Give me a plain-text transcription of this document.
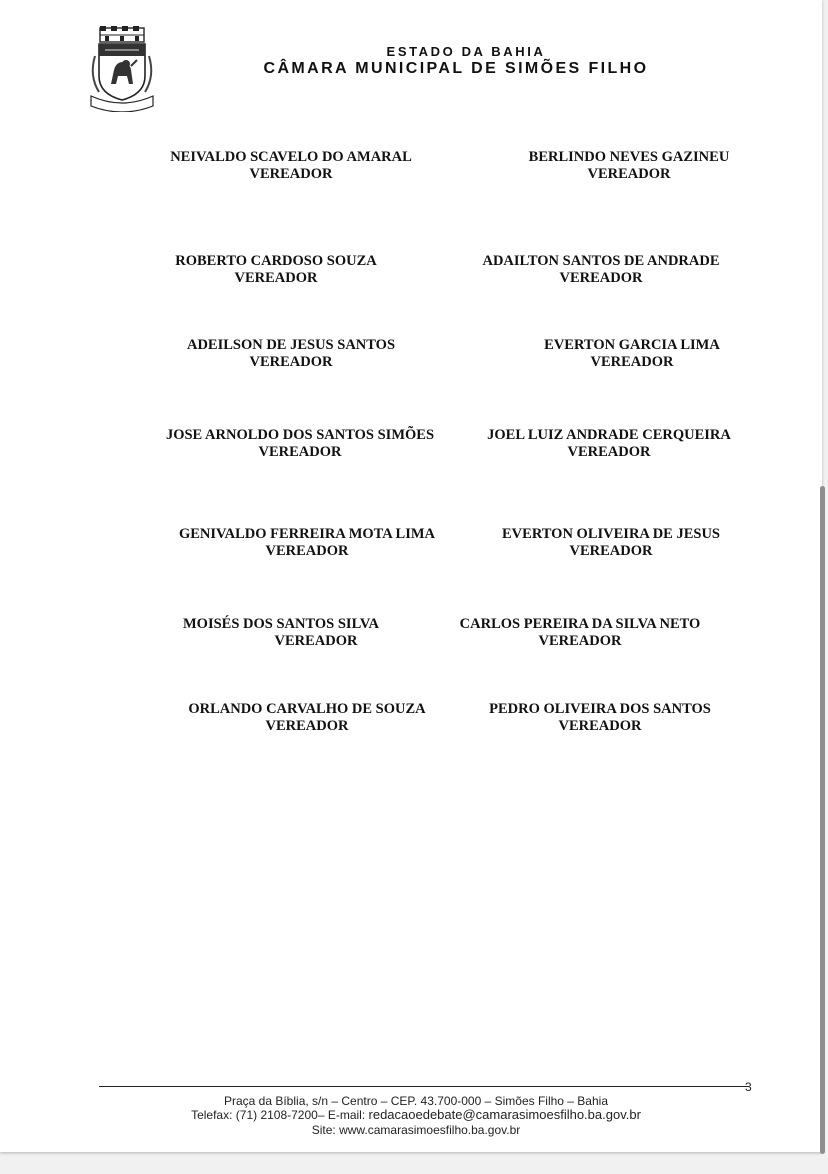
ESTADO DA BAHIA
CÂMARA MUNICIPAL DE SIMÕES FILHO
NEIVALDO SCAVELO DO AMARAL
VEREADOR
BERLINDO NEVES GAZINEU
VEREADOR
ROBERTO CARDOSO SOUZA
VEREADOR
ADAILTON SANTOS DE ANDRADE
VEREADOR
ADEILSON DE JESUS SANTOS
VEREADOR
EVERTON GARCIA LIMA
VEREADOR
JOSE ARNOLDO DOS SANTOS SIMÕES
VEREADOR
JOEL LUIZ ANDRADE CERQUEIRA
VEREADOR
GENIVALDO FERREIRA MOTA LIMA
VEREADOR
EVERTON OLIVEIRA DE JESUS
VEREADOR
MOISÉS DOS SANTOS SILVA
VEREADOR
CARLOS PEREIRA DA SILVA NETO
VEREADOR
ORLANDO CARVALHO DE SOUZA
VEREADOR
PEDRO OLIVEIRA DOS SANTOS
VEREADOR
3
Praça da Bíblia, s/n – Centro – CEP. 43.700-000 – Simões Filho – Bahia
Telefax: (71) 2108-7200– E-mail: redacaoedebate@camarasimoesfilho.ba.gov.br
Site: www.camarasimoesfilho.ba.gov.br
